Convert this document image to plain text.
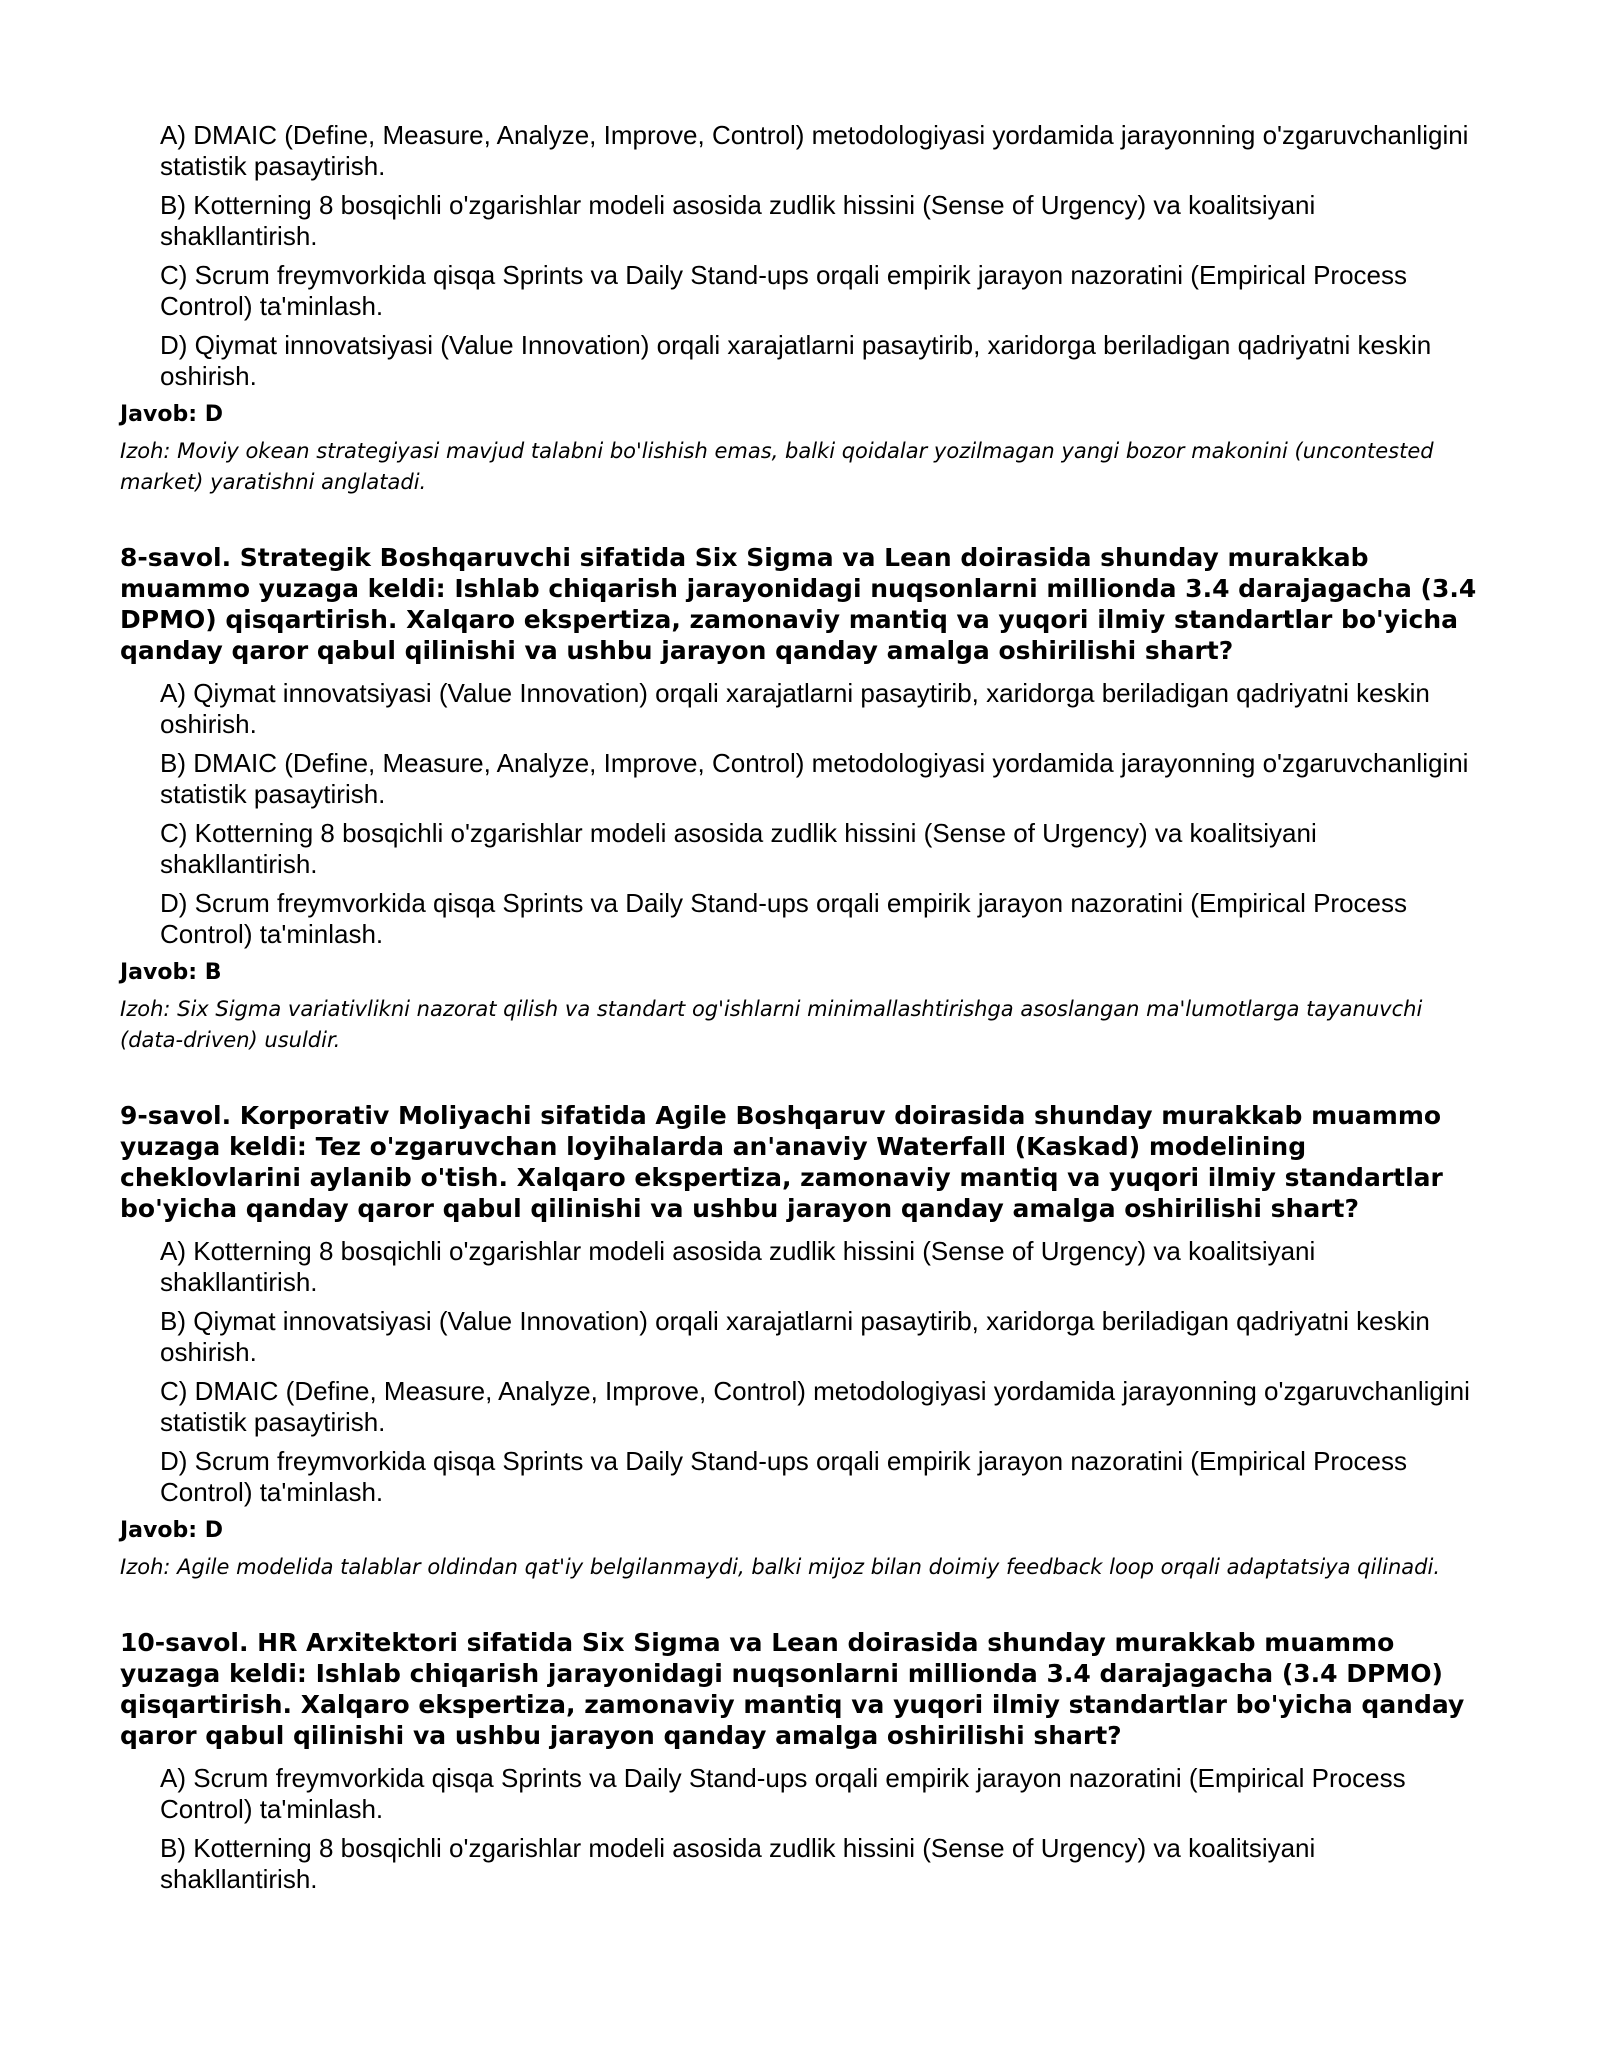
A) DMAIC (Define, Measure, Analyze, Improve, Control) metodologiyasi yordamida jarayonning o'zgaruvchanligini statistik pasaytirish.

B) Kotterning 8 bosqichli o'zgarishlar modeli asosida zudlik hissini (Sense of Urgency) va koalitsiyani shakllantirish.

C) Scrum freymvorkida qisqa Sprints va Daily Stand-ups orqali empirik jarayon nazoratini (Empirical Process Control) ta'minlash.

D) Qiymat innovatsiyasi (Value Innovation) orqali xarajatlarni pasaytirib, xaridorga beriladigan qadriyatni keskin oshirish.

Javob: D

Izoh: Moviy okean strategiyasi mavjud talabni bo'lishish emas, balki qoidalar yozilmagan yangi bozor makonini (uncontested market) yaratishni anglatadi.

8-savol. Strategik Boshqaruvchi sifatida Six Sigma va Lean doirasida shunday murakkab muammo yuzaga keldi: Ishlab chiqarish jarayonidagi nuqsonlarni millionda 3.4 darajagacha (3.4 DPMO) qisqartirish. Xalqaro ekspertiza, zamonaviy mantiq va yuqori ilmiy standartlar bo'yicha qanday qaror qabul qilinishi va ushbu jarayon qanday amalga oshirilishi shart?

A) Qiymat innovatsiyasi (Value Innovation) orqali xarajatlarni pasaytirib, xaridorga beriladigan qadriyatni keskin oshirish.

B) DMAIC (Define, Measure, Analyze, Improve, Control) metodologiyasi yordamida jarayonning o'zgaruvchanligini statistik pasaytirish.

C) Kotterning 8 bosqichli o'zgarishlar modeli asosida zudlik hissini (Sense of Urgency) va koalitsiyani shakllantirish.

D) Scrum freymvorkida qisqa Sprints va Daily Stand-ups orqali empirik jarayon nazoratini (Empirical Process Control) ta'minlash.

Javob: B

Izoh: Six Sigma variativlikni nazorat qilish va standart og'ishlarni minimallashtirishga asoslangan ma'lumotlarga tayanuvchi (data-driven) usuldir.

9-savol. Korporativ Moliyachi sifatida Agile Boshqaruv doirasida shunday murakkab muammo yuzaga keldi: Tez o'zgaruvchan loyihalarda an'anaviy Waterfall (Kaskad) modelining cheklovlarini aylanib o'tish. Xalqaro ekspertiza, zamonaviy mantiq va yuqori ilmiy standartlar bo'yicha qanday qaror qabul qilinishi va ushbu jarayon qanday amalga oshirilishi shart?

A) Kotterning 8 bosqichli o'zgarishlar modeli asosida zudlik hissini (Sense of Urgency) va koalitsiyani shakllantirish.

B) Qiymat innovatsiyasi (Value Innovation) orqali xarajatlarni pasaytirib, xaridorga beriladigan qadriyatni keskin oshirish.

C) DMAIC (Define, Measure, Analyze, Improve, Control) metodologiyasi yordamida jarayonning o'zgaruvchanligini statistik pasaytirish.

D) Scrum freymvorkida qisqa Sprints va Daily Stand-ups orqali empirik jarayon nazoratini (Empirical Process Control) ta'minlash.

Javob: D

Izoh: Agile modelida talablar oldindan qat'iy belgilanmaydi, balki mijoz bilan doimiy feedback loop orqali adaptatsiya qilinadi.

10-savol. HR Arxitektori sifatida Six Sigma va Lean doirasida shunday murakkab muammo yuzaga keldi: Ishlab chiqarish jarayonidagi nuqsonlarni millionda 3.4 darajagacha (3.4 DPMO) qisqartirish. Xalqaro ekspertiza, zamonaviy mantiq va yuqori ilmiy standartlar bo'yicha qanday qaror qabul qilinishi va ushbu jarayon qanday amalga oshirilishi shart?

A) Scrum freymvorkida qisqa Sprints va Daily Stand-ups orqali empirik jarayon nazoratini (Empirical Process Control) ta'minlash.

B) Kotterning 8 bosqichli o'zgarishlar modeli asosida zudlik hissini (Sense of Urgency) va koalitsiyani shakllantirish.
